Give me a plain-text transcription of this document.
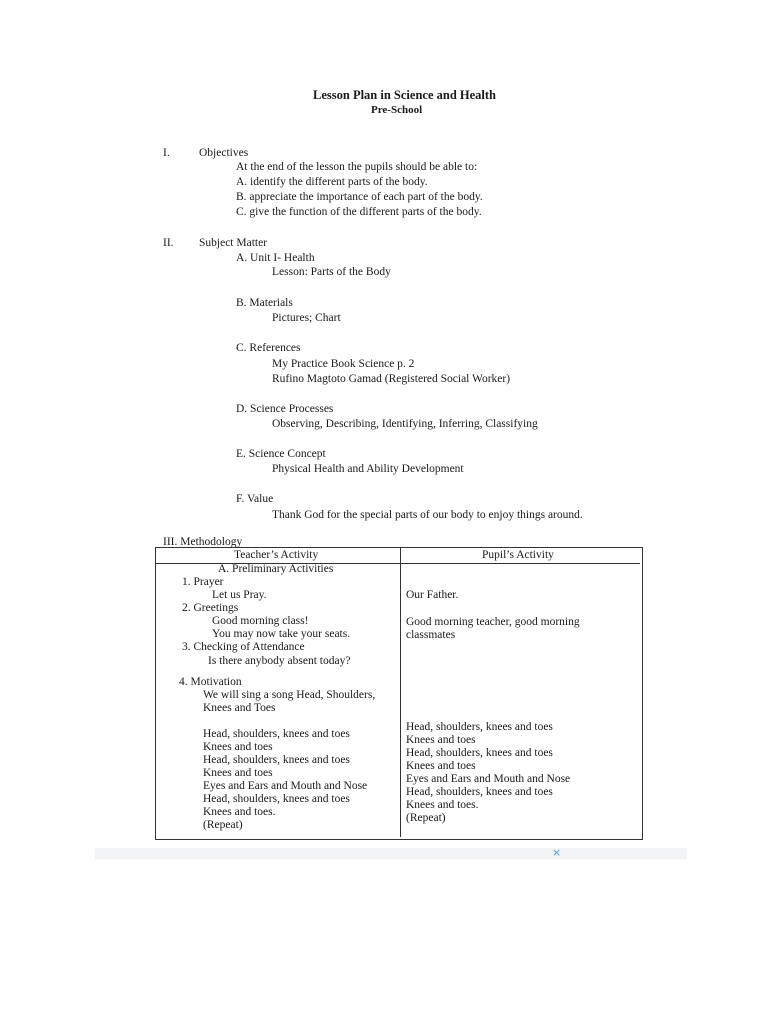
Lesson Plan in Science and Health
Pre-School
I.	Objectives
At the end of the lesson the pupils should be able to:
A. identify the different parts of the body.
B. appreciate the importance of each part of the body.
C. give the function of the different parts of the body.
II. Subject Matter
A. Unit I- Health
Lesson: Parts of the Body
B. Materials
Pictures; Chart
C. References
My Practice Book Science p. 2
Rufino Magtoto Gamad (Registered Social Worker)
D. Science Processes
Observing, Describing, Identifying, Inferring, Classifying
E. Science Concept
Physical Health and Ability Development
F. Value
Thank God for the special parts of our body to enjoy things around.
III. Methodology
Teacher’s Activity	Pupil’s Activity
A. Preliminary Activities
1. Prayer
Let us Pray.
2. Greetings
Good morning class!
You may now take your seats.
3. Checking of Attendance
Is there anybody absent today?
4. Motivation
We will sing a song Head, Shoulders,
Knees and Toes
Head, shoulders, knees and toes
Knees and toes
Head, shoulders, knees and toes
Knees and toes
Eyes and Ears and Mouth and Nose
Head, shoulders, knees and toes
Knees and toes.
(Repeat)
Our Father.
Good morning teacher, good morning
classmates
Head, shoulders, knees and toes
Knees and toes
Head, shoulders, knees and toes
Knees and toes
Eyes and Ears and Mouth and Nose
Head, shoulders, knees and toes
Knees and toes.
(Repeat)
×
